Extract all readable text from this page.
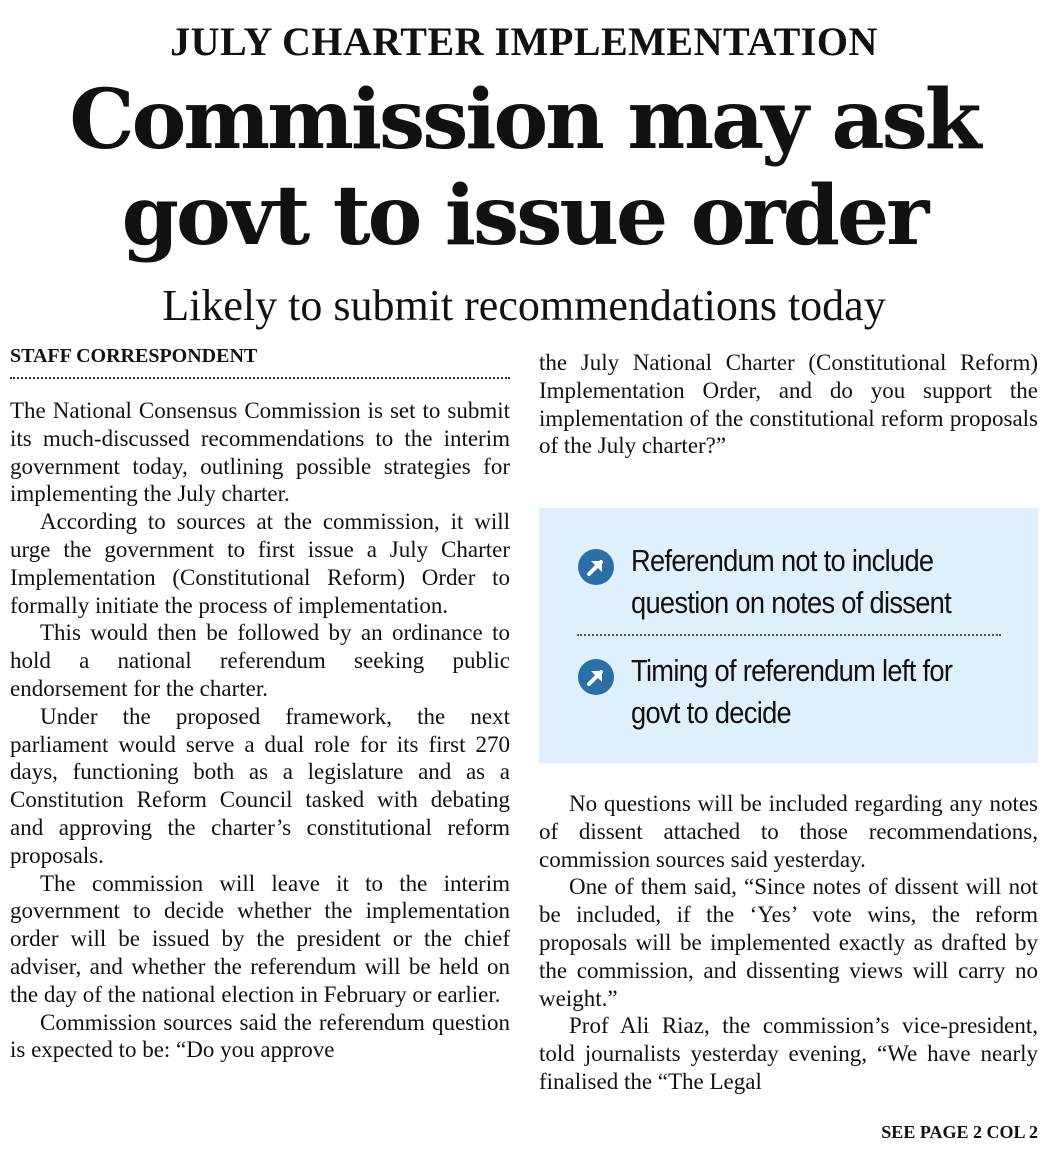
JULY CHARTER IMPLEMENTATION
Commission may ask
govt to issue order
Likely to submit recommendations today
STAFF CORRESPONDENT

The National Consensus Commission is set to submit its much-discussed recommendations to the interim government today, outlining possible strategies for implementing the July charter.

According to sources at the commission, it will urge the government to first issue a July Charter Implementation (Constitutional Reform) Order to formally initiate the process of implementation.

This would then be followed by an ordinance to hold a national referendum seeking public endorsement for the charter.

Under the proposed framework, the next parliament would serve a dual role for its first 270 days, functioning both as a legislature and as a Constitution Reform Council tasked with debating and approving the charter’s constitutional reform proposals.

The commission will leave it to the interim government to decide whether the implementation order will be issued by the president or the chief adviser, and whether the referendum will be held on the day of the national election in February or earlier.

Commission sources said the referendum question is expected to be: “Do you approve

the July National Charter (Constitutional Reform) Implementation Order, and do you support the implementation of the constitutional reform proposals of the July charter?”

Referendum not to include
question on notes of dissent
Timing of referendum left for
govt to decide

No questions will be included regarding any notes of dissent attached to those recommendations, commission sources said yesterday.

One of them said, “Since notes of dissent will not be included, if the ‘Yes’ vote wins, the reform proposals will be implemented exactly as drafted by the commission, and dissenting views will carry no weight.”

Prof Ali Riaz, the commission’s vice-president, told journalists yesterday evening, “We have nearly finalised the “The Legal

SEE PAGE 2 COL 2
